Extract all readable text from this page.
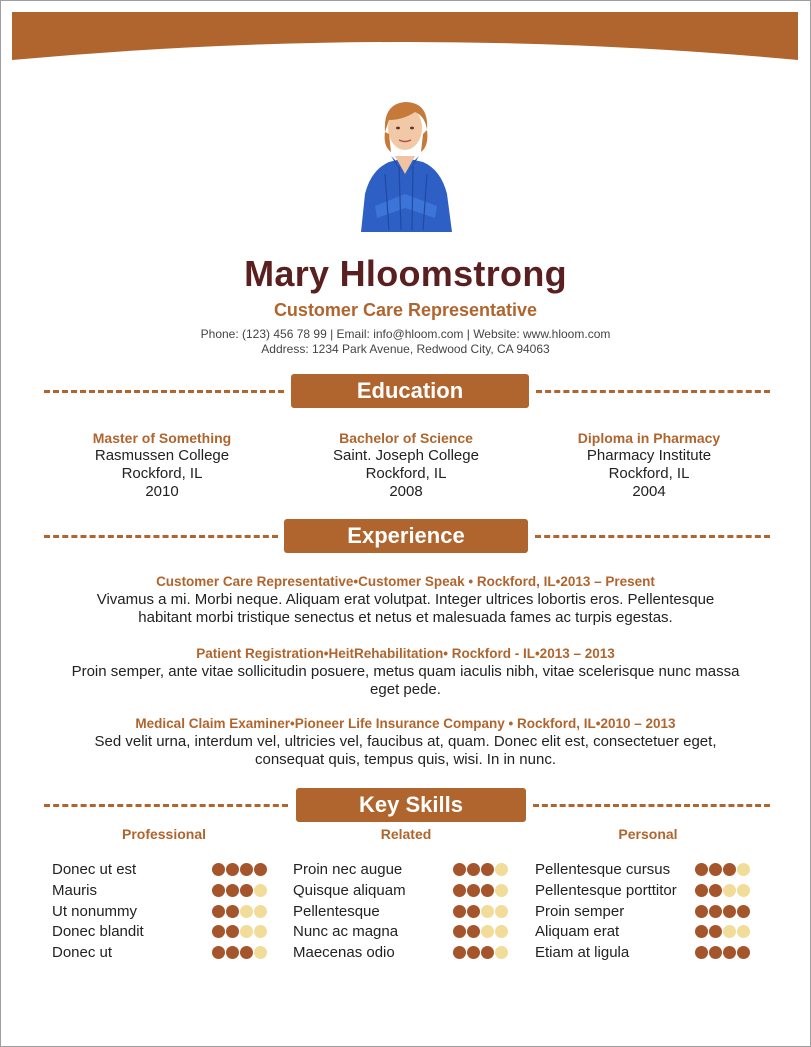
Mary Hloomstrong
Customer Care Representative
Phone: (123) 456 78 99 | Email: info@hloom.com | Website: www.hloom.com
Address: 1234 Park Avenue, Redwood City, CA 94063
Education
Master of Something
Rasmussen College
Rockford, IL
2010
Bachelor of Science
Saint. Joseph College
Rockford, IL
2008
Diploma in Pharmacy
Pharmacy Institute
Rockford, IL
2004
Experience
Customer Care Representative•Customer Speak • Rockford, IL•2013 – Present
Vivamus a mi. Morbi neque. Aliquam erat volutpat. Integer ultrices lobortis eros. Pellentesque
habitant morbi tristique senectus et netus et malesuada fames ac turpis egestas.
Patient Registration•HeitRehabilitation• Rockford - IL•2013 – 2013
Proin semper, ante vitae sollicitudin posuere, metus quam iaculis nibh, vitae scelerisque nunc massa
eget pede.
Medical Claim Examiner•Pioneer Life Insurance Company • Rockford, IL•2010 – 2013
Sed velit urna, interdum vel, ultricies vel, faucibus at, quam. Donec elit est, consectetuer eget,
consequat quis, tempus quis, wisi. In in nunc.
Key Skills
Professional	Related	Personal
Donec ut est
Mauris
Ut nonummy
Donec blandit
Donec ut
Proin nec augue
Quisque aliquam
Pellentesque
Nunc ac magna
Maecenas odio
Pellentesque cursus
Pellentesque porttitor
Proin semper
Aliquam erat
Etiam at ligula
